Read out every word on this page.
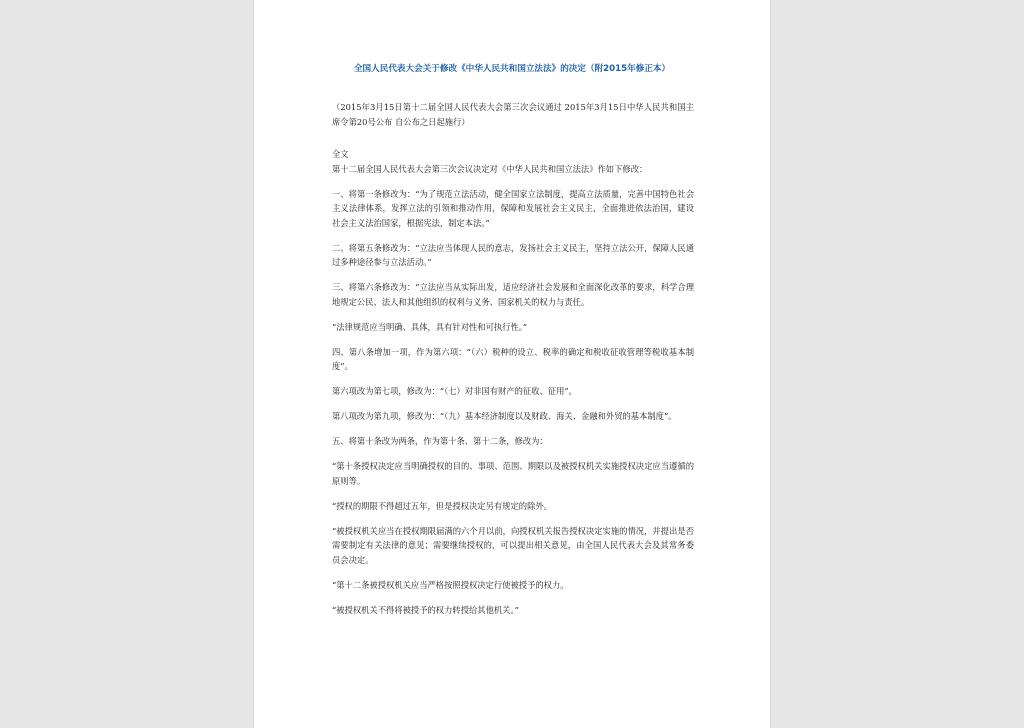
全国人民代表大会关于修改《中华人民共和国立法法》的决定（附2015年修正本）

（2015年3月15日第十二届全国人民代表大会第三次会议通过 2015年3月15日中华人民共和国主席令第20号公布 自公布之日起施行）

全文

第十二届全国人民代表大会第三次会议决定对《中华人民共和国立法法》作如下修改：

一、将第一条修改为：“为了规范立法活动，健全国家立法制度，提高立法质量，完善中国特色社会主义法律体系，发挥立法的引领和推动作用，保障和发展社会主义民主，全面推进依法治国，建设社会主义法治国家，根据宪法，制定本法。”

二、将第五条修改为：“立法应当体现人民的意志，发扬社会主义民主，坚持立法公开，保障人民通过多种途径参与立法活动。”

三、将第六条修改为：“立法应当从实际出发，适应经济社会发展和全面深化改革的要求，科学合理地规定公民、法人和其他组织的权利与义务、国家机关的权力与责任。

“法律规范应当明确、具体，具有针对性和可执行性。”

四、第八条增加一项，作为第六项：“（六）税种的设立、税率的确定和税收征收管理等税收基本制度”。

第六项改为第七项，修改为：“（七）对非国有财产的征收、征用”。

第八项改为第九项，修改为：“（九）基本经济制度以及财政、海关、金融和外贸的基本制度”。

五、将第十条改为两条，作为第十条、第十二条，修改为：

“第十条授权决定应当明确授权的目的、事项、范围、期限以及被授权机关实施授权决定应当遵循的原则等。

“授权的期限不得超过五年，但是授权决定另有规定的除外。

“被授权机关应当在授权期限届满的六个月以前，向授权机关报告授权决定实施的情况，并提出是否需要制定有关法律的意见；需要继续授权的，可以提出相关意见，由全国人民代表大会及其常务委员会决定。

“第十二条被授权机关应当严格按照授权决定行使被授予的权力。

“被授权机关不得将被授予的权力转授给其他机关。”
